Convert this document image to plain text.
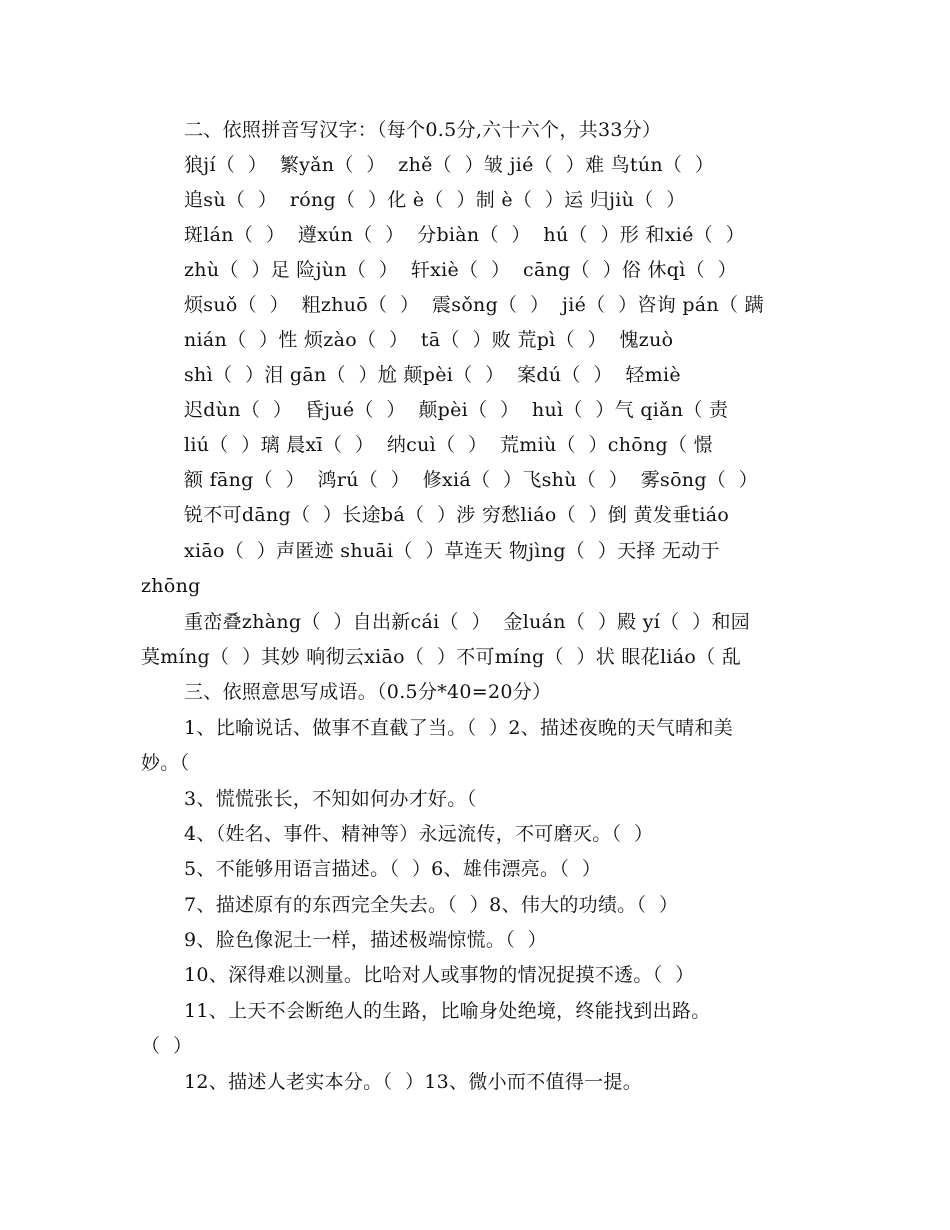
二、依照拼音写汉字：（每个0.5分,六十六个，共33分）
狼jí（  ）  繁yǎn（  ）  zhě（  ）皱 jié（  ）难 鸟tún（  ）
追sù（  ）  róng（  ）化 è（  ）制 è（  ）运 归jiù（  ）
斑lán（  ）  遵xún（  ）  分biàn（  ）  hú（  ）形 和xié（  ）
zhù（  ）足 险jùn（  ）  轩xiè（  ）  cāng（  ）俗 休qì（  ）
烦suǒ（  ）  粗zhuō（  ）  震sǒng（  ）  jié（  ）咨询 pán（ 蹒
nián（  ）性 烦zào（  ）  tā（  ）败 荒pì（  ）  愧zuò
shì（  ）泪 gān（  ）尬 颠pèi（  ）  案dú（  ）  轻miè
迟dùn（  ）  昏jué（  ）  颠pèi（  ）  huì（  ）气 qiǎn（ 责
liú（  ）璃 晨xī（  ）  纳cuì（  ）  荒miù（  ）chōng（ 憬
额 fāng（  ）  鸿rú（  ）  修xiá（  ）飞shù（  ）  雾sōng（  ）
锐不可dāng（  ）长途bá（  ）涉 穷愁liáo（  ）倒 黄发垂tiáo
xiāo（  ）声匿迹 shuāi（  ）草连天 物jìng（  ）天择 无动于
zhōng
重峦叠zhàng（  ）自出新cái（  ）  金luán（  ）殿 yí（  ）和园
莫míng（  ）其妙 响彻云xiāo（  ）不可míng（  ）状 眼花liáo（ 乱
三、依照意思写成语。（0.5分*40=20分）
1、比喻说话、做事不直截了当。（  ）2、描述夜晚的天气晴和美
妙。（
3、慌慌张长，不知如何办才好。（
4、（姓名、事件、精神等）永远流传，不可磨灭。（  ）
5、不能够用语言描述。（  ）6、雄伟漂亮。（  ）
7、描述原有的东西完全失去。（  ）8、伟大的功绩。（  ）
9、脸色像泥土一样，描述极端惊慌。（  ）
10、深得难以测量。比哈对人或事物的情况捉摸不透。（  ）
11、上天不会断绝人的生路，比喻身处绝境，终能找到出路。
（  ）
12、描述人老实本分。（  ）13、微小而不值得一提。
